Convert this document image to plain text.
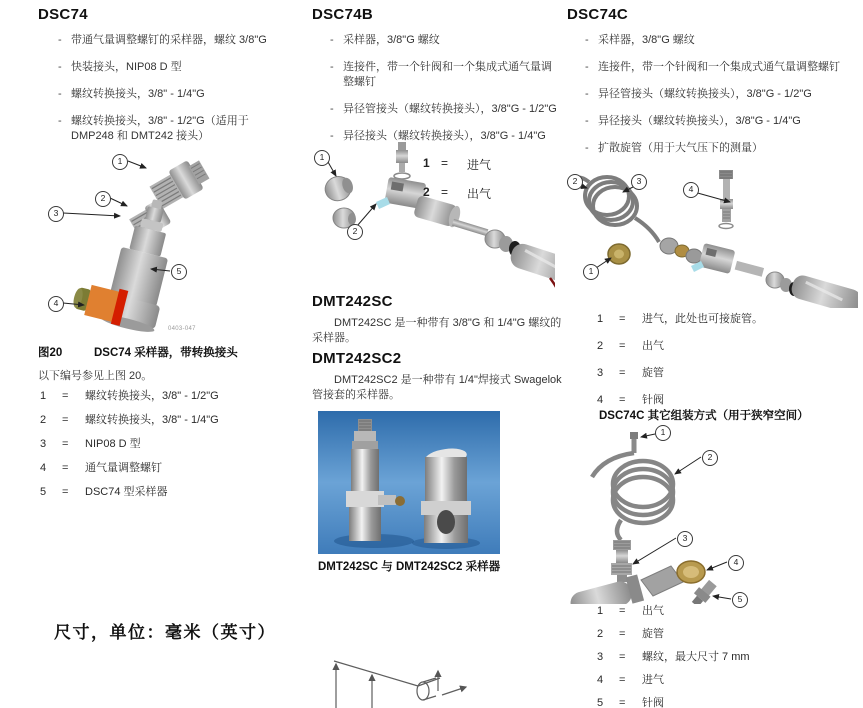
DSC74
- 带通气量调整螺钉的采样器，螺纹 3/8"G
- 快装接头，NIP08 D 型
- 螺纹转换接头，3/8" - 1/4"G
- 螺纹转换接头，3/8" - 1/2"G（适用于 DMP248 和 DMT242 接头）
1
2
3
4
5
0403-047
图20	DSC74 采样器，带转换接头
以下编号参见上图 20。
1	=	螺纹转换接头，3/8" - 1/2"G
2	=	螺纹转换接头，3/8" - 1/4"G
3	=	NIP08 D 型
4	=	通气量调整螺钉
5	=	DSC74 型采样器
尺寸，单位：毫米（英寸）
DSC74B
- 采样器，3/8"G 螺纹
- 连接件，带一个针阀和一个集成式通气量调整螺钉
- 异径管接头（螺纹转换接头），3/8"G - 1/2"G
- 异径接头（螺纹转换接头），3/8"G - 1/4"G
1
2
1 =	进气
2 =	出气
DMT242SC
DMT242SC 是一种带有 3/8"G 和 1/4"G 螺纹的采样器。
DMT242SC2
DMT242SC2 是一种带有 1/4"焊接式 Swagelok 管接套的采样器。
DMT242SC 与 DMT242SC2 采样器
DSC74C
- 采样器，3/8"G 螺纹
- 连接件，带一个针阀和一个集成式通气量调整螺钉
- 异径管接头（螺纹转换接头），3/8"G - 1/2"G
- 异径接头（螺纹转换接头），3/8"G - 1/4"G
- 扩散旋管（用于大气压下的测量）
2	3
4
1
1	=	进气，此处也可接旋管。
2	=	出气
3	=	旋管
4	=	针阀
DSC74C 其它组装方式（用于狭窄空间）
1
2
3
4
5
1	=	出气
2	=	旋管
3	=	螺纹，最大尺寸 7 mm
4	=	进气
5	=	针阀
